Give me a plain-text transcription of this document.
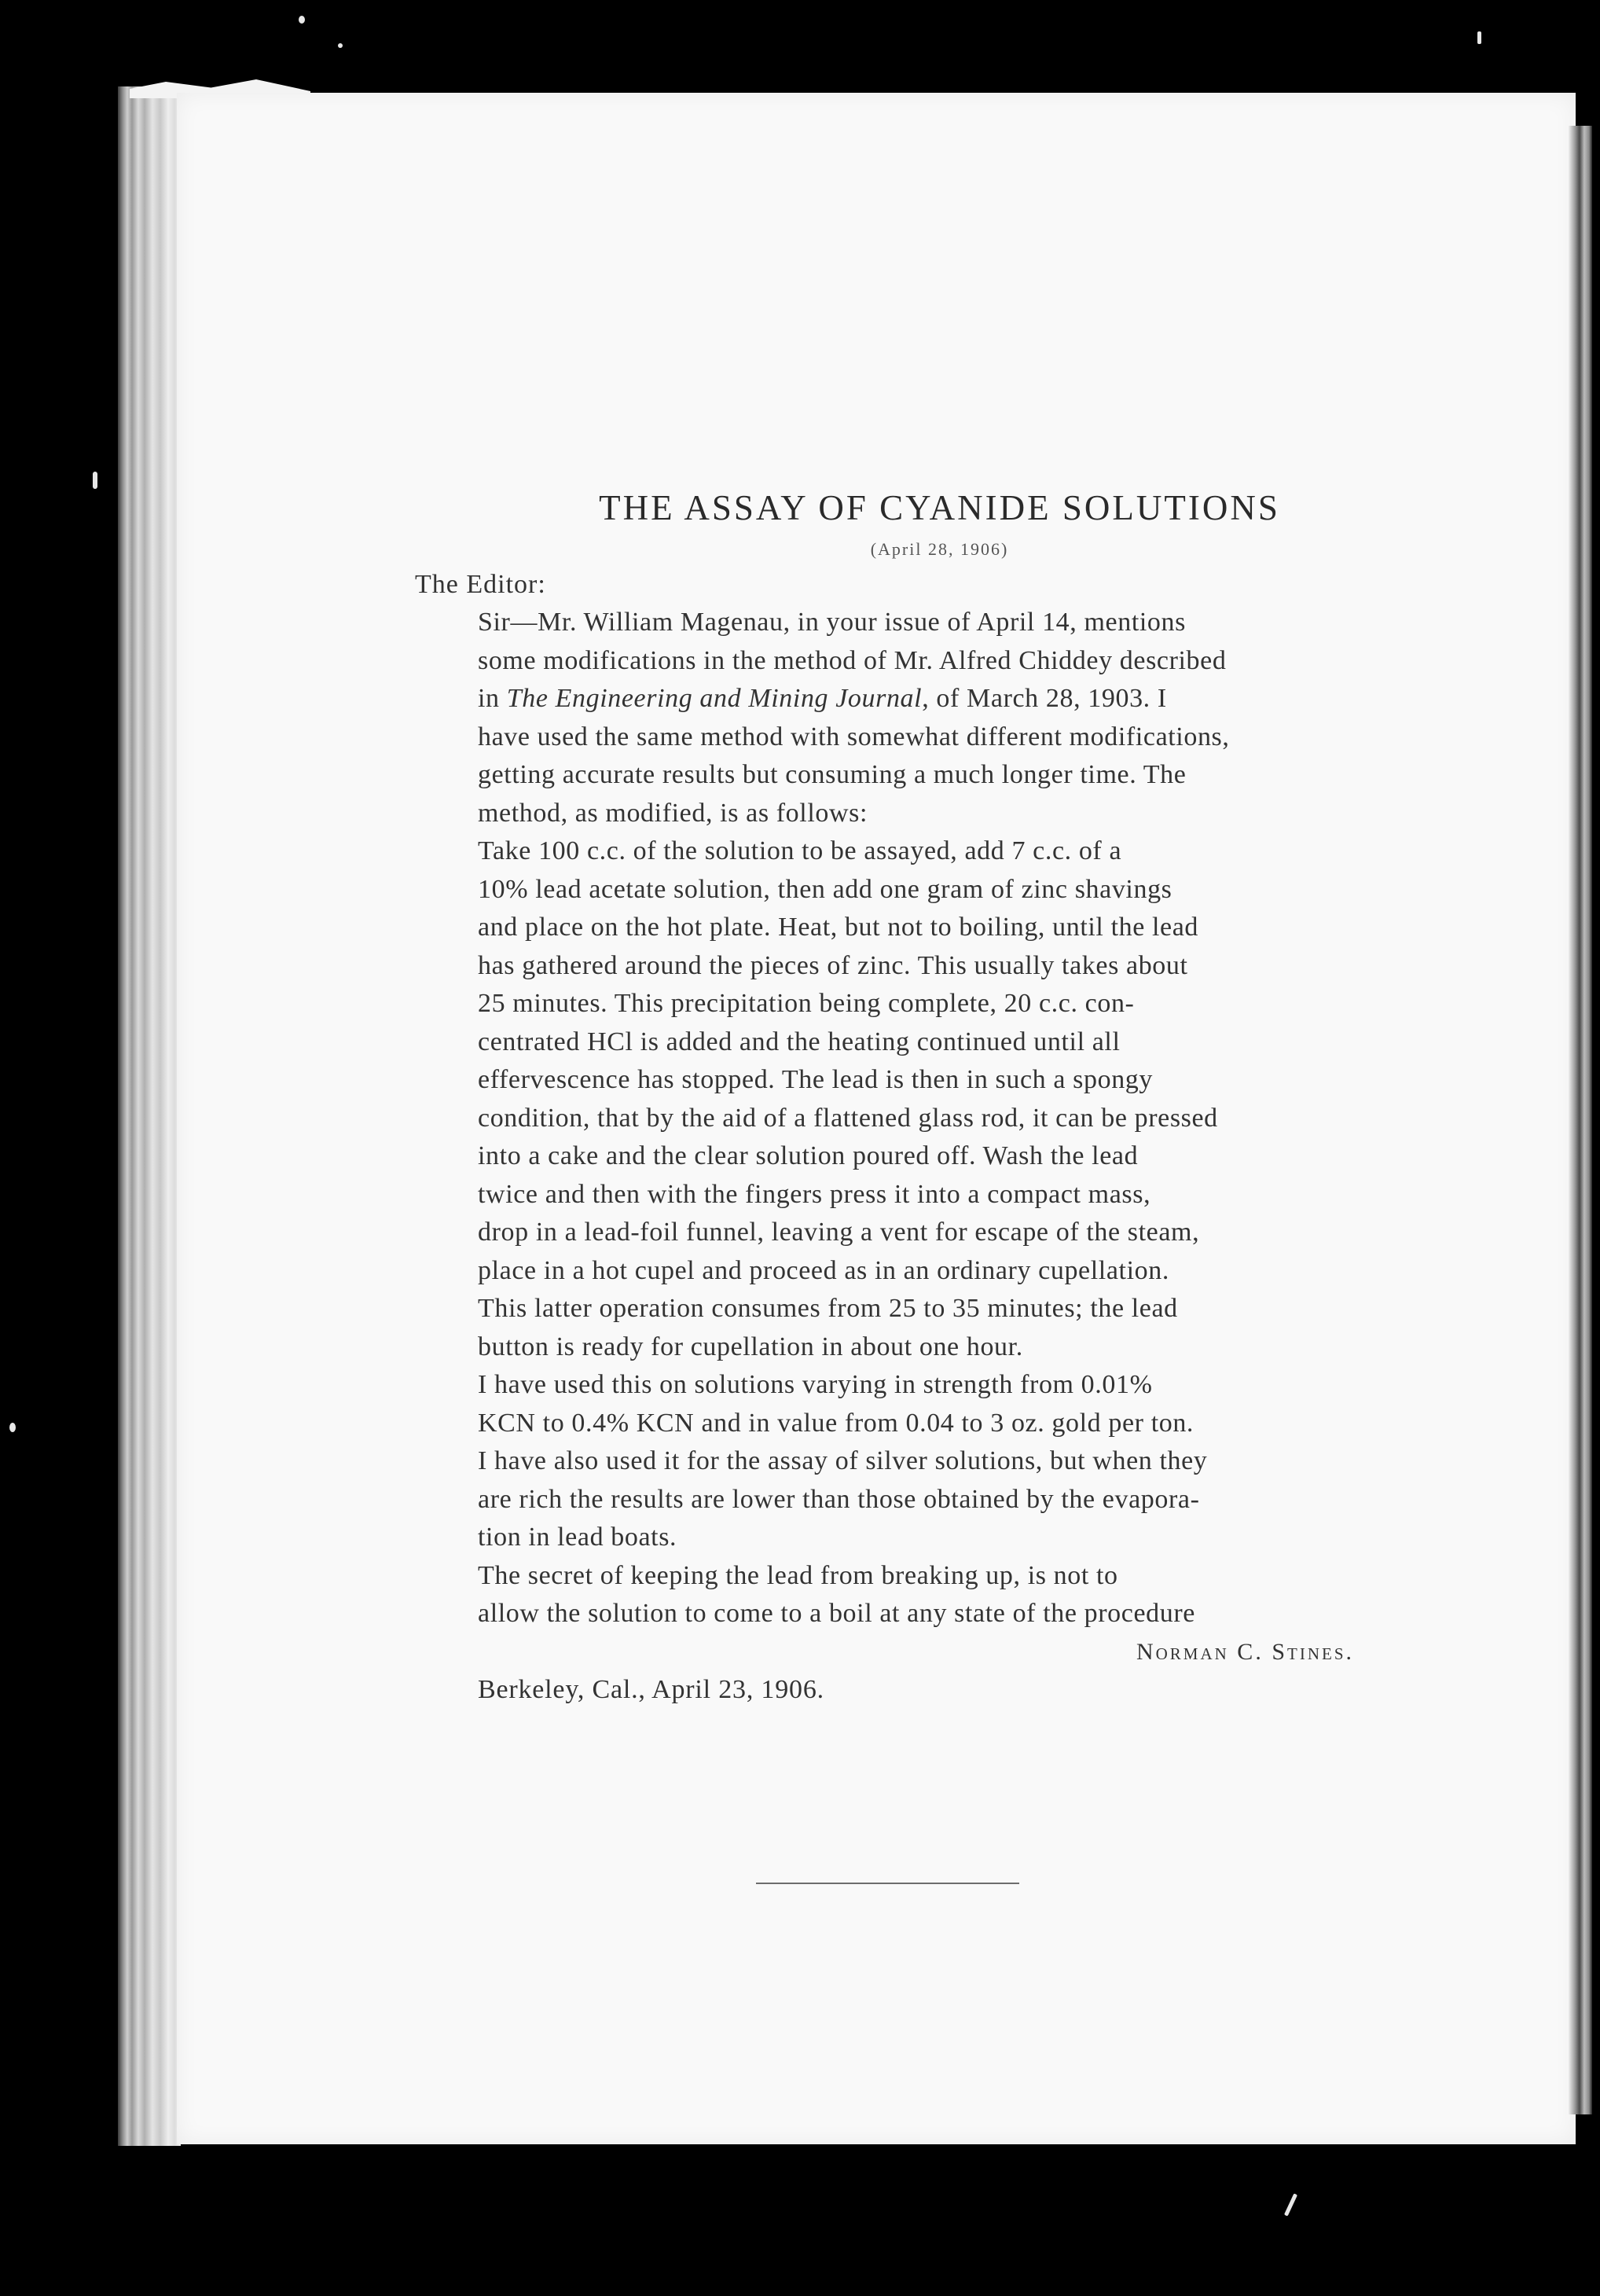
THE ASSAY OF CYANIDE SOLUTIONS
(April 28, 1906)

The Editor:

Sir—Mr. William Magenau, in your issue of April 14, mentions
some modifications in the method of Mr. Alfred Chiddey described
in The Engineering and Mining Journal, of March 28, 1903. I
have used the same method with somewhat different modifications,
getting accurate results but consuming a much longer time. The
method, as modified, is as follows:

Take 100 c.c. of the solution to be assayed, add 7 c.c. of a
10% lead acetate solution, then add one gram of zinc shavings
and place on the hot plate. Heat, but not to boiling, until the lead
has gathered around the pieces of zinc. This usually takes about
25 minutes. This precipitation being complete, 20 c.c. con-
centrated HCl is added and the heating continued until all
effervescence has stopped. The lead is then in such a spongy
condition, that by the aid of a flattened glass rod, it can be pressed
into a cake and the clear solution poured off. Wash the lead
twice and then with the fingers press it into a compact mass,
drop in a lead-foil funnel, leaving a vent for escape of the steam,
place in a hot cupel and proceed as in an ordinary cupellation.
This latter operation consumes from 25 to 35 minutes; the lead
button is ready for cupellation in about one hour.

I have used this on solutions varying in strength from 0.01%
KCN to 0.4% KCN and in value from 0.04 to 3 oz. gold per ton.
I have also used it for the assay of silver solutions, but when they
are rich the results are lower than those obtained by the evapora-
tion in lead boats.

The secret of keeping the lead from breaking up, is not to
allow the solution to come to a boil at any state of the procedure

Norman C. Stines.

Berkeley, Cal., April 23, 1906.
